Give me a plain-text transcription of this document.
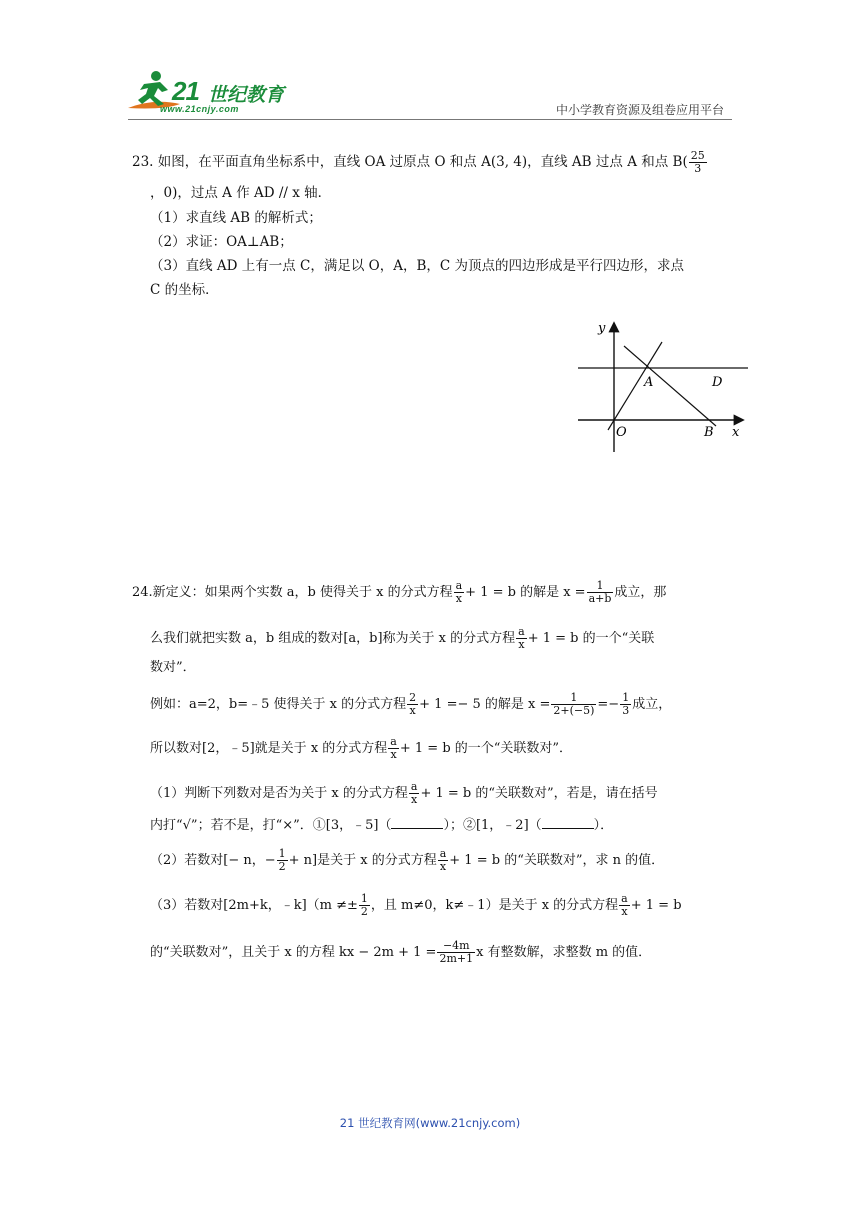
21 世纪教育
www.21cnjy.com	中小学教育资源及组卷应用平台
23. 如图，在平面直角坐标系中，直线 OA 过原点 O 和点 A(3, 4)，直线 AB 过点 A 和点 $B( \frac{25}{3}$
，0)，过点 A 作 AD // x 轴．
（1）求直线 AB 的解析式；
（2）求证：OA⊥AB；
（3）直线 AD 上有一点 C，满足以 O，A，B，C 为顶点的四边形成是平行四边形，求点
C 的坐标．
y
x
O
A
B
D
24.新定义：如果两个实数 a，b 使得关于 x 的分式方程 $\frac{a}{x} + 1 = b$ 的解是 $x = \frac{1}{a+b}$ 成立，那
么我们就把实数 a，b 组成的数对[a，b]称为关于 x 的分式方程 $\frac{a}{x} + 1 = b$ 的一个“关联
数对”．
例如：a=2，b=﹣5 使得关于 x 的分式方程 $\frac{2}{x} + 1 =- 5$ 的解是 $x = \frac{1}{2+(-5)} =- \frac{1}{3}$ 成立，
所以数对[2，﹣5]就是关于 x 的分式方程 $\frac{a}{x} + 1 = b$ 的一个“关联数对”．
（1）判断下列数对是否为关于 x 的分式方程 $\frac{a}{x} + 1 = b$ 的“关联数对”，若是，请在括号
内打“√”；若不是，打“×”．①[3，﹣5]（	）；②[1，﹣2]（	）．
（2）若数对[− n，− $\frac{1}{2} + n$]是关于 x 的分式方程 $\frac{a}{x} + 1 = b$ 的“关联数对”，求 n 的值．
（3）若数对[2m+k，﹣k]（m ≠± $\frac{1}{2}$ ，且 m≠0，k≠﹣1）是关于 x 的分式方程 $\frac{a}{x} + 1 = b$
的“关联数对”，且关于 x 的方程 kx − $2m + 1 = \frac{-4m}{2m+1}$ x 有整数解，求整数 m 的值．
21 世纪教育网(www.21cnjy.com)
